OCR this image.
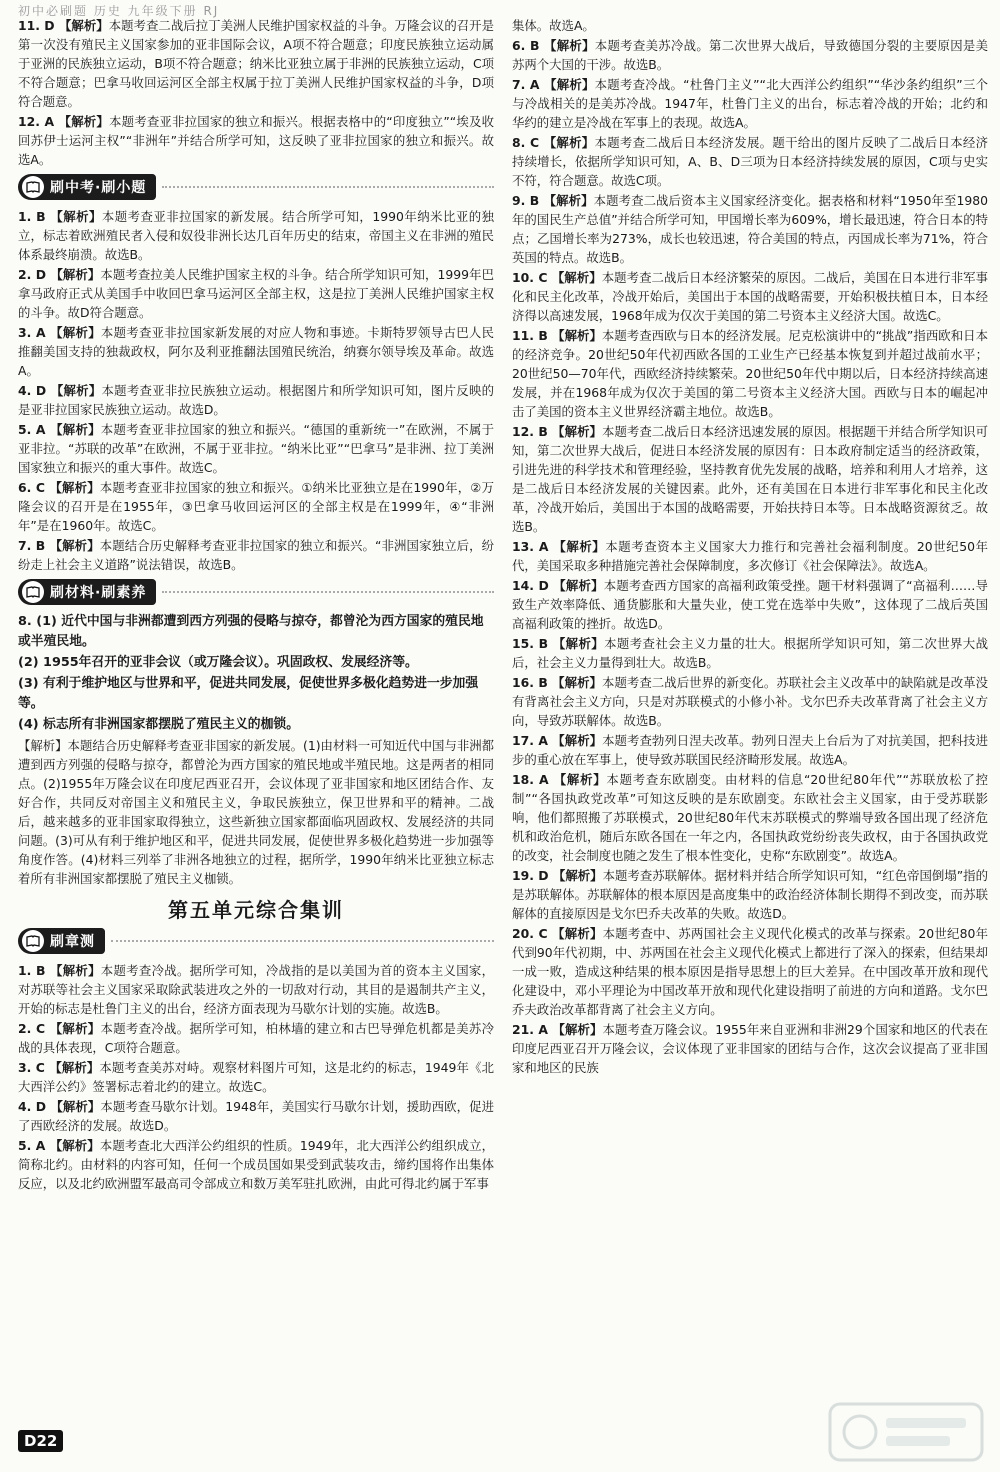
初中必刷题 历史 九年级下册 RJ
11. D 【解析】本题考查二战后拉丁美洲人民维护国家权益的斗争。万隆会议的召开是第一次没有殖民主义国家参加的亚非国际会议，A项不符合题意；印度民族独立运动属于亚洲的民族独立运动，B项不符合题意；纳米比亚独立属于非洲的民族独立运动，C项不符合题意；巴拿马收回运河区全部主权属于拉丁美洲人民维护国家权益的斗争，D项符合题意。
12. A 【解析】本题考查亚非拉国家的独立和振兴。根据表格中的“印度独立”“埃及收回苏伊士运河主权”“非洲年”并结合所学可知，这反映了亚非拉国家的独立和振兴。故选A。
刷中考·刷小题
1. B 【解析】本题考查亚非拉国家的新发展。结合所学可知，1990年纳米比亚的独立，标志着欧洲殖民者入侵和奴役非洲长达几百年历史的结束，帝国主义在非洲的殖民体系最终崩溃。故选B。
2. D 【解析】本题考查拉美人民维护国家主权的斗争。结合所学知识可知，1999年巴拿马政府正式从美国手中收回巴拿马运河区全部主权，这是拉丁美洲人民维护国家主权的斗争。故D符合题意。
3. A 【解析】本题考查亚非拉国家新发展的对应人物和事迹。卡斯特罗领导古巴人民推翻美国支持的独裁政权，阿尔及利亚推翻法国殖民统治，纳赛尔领导埃及革命。故选A。
4. D 【解析】本题考查亚非拉民族独立运动。根据图片和所学知识可知，图片反映的是亚非拉国家民族独立运动。故选D。
5. A 【解析】本题考查亚非拉国家的独立和振兴。“德国的重新统一”在欧洲，不属于亚非拉。“苏联的改革”在欧洲，不属于亚非拉。“纳米比亚”“巴拿马”是非洲、拉丁美洲国家独立和振兴的重大事件。故选C。
6. C 【解析】本题考查亚非拉国家的独立和振兴。①纳米比亚独立是在1990年，②万隆会议的召开是在1955年，③巴拿马收回运河区的全部主权是在1999年，④“非洲年”是在1960年。故选C。
7. B 【解析】本题结合历史解释考查亚非拉国家的独立和振兴。“非洲国家独立后，纷纷走上社会主义道路”说法错误，故选B。
刷材料·刷素养
8. (1) 近代中国与非洲都遭到西方列强的侵略与掠夺，都曾沦为西方国家的殖民地或半殖民地。
(2) 1955年召开的亚非会议（或万隆会议）。巩固政权、发展经济等。
(3) 有利于维护地区与世界和平，促进共同发展，促使世界多极化趋势进一步加强等。
(4) 标志所有非洲国家都摆脱了殖民主义的枷锁。
【解析】本题结合历史解释考查亚非国家的新发展。(1)由材料一可知近代中国与非洲都遭到西方列强的侵略与掠夺，都曾沦为西方国家的殖民地或半殖民地。这是两者的相同点。(2)1955年万隆会议在印度尼西亚召开，会议体现了亚非国家和地区团结合作、友好合作，共同反对帝国主义和殖民主义，争取民族独立，保卫世界和平的精神。二战后，越来越多的亚非国家取得独立，这些新独立国家都面临巩固政权、发展经济的共同问题。(3)可从有利于维护地区和平，促进共同发展，促使世界多极化趋势进一步加强等角度作答。(4)材料三列举了非洲各地独立的过程，据所学，1990年纳米比亚独立标志着所有非洲国家都摆脱了殖民主义枷锁。
第五单元综合集训
刷章测
1. B 【解析】本题考查冷战。据所学可知，冷战指的是以美国为首的资本主义国家，对苏联等社会主义国家采取除武装进攻之外的一切敌对行动，其目的是遏制共产主义，开始的标志是杜鲁门主义的出台，经济方面表现为马歇尔计划的实施。故选B。
2. C 【解析】本题考查冷战。据所学可知，柏林墙的建立和古巴导弹危机都是美苏冷战的具体表现，C项符合题意。
3. C 【解析】本题考查美苏对峙。观察材料图片可知，这是北约的标志，1949年《北大西洋公约》签署标志着北约的建立。故选C。
4. D 【解析】本题考查马歇尔计划。1948年，美国实行马歇尔计划，援助西欧，促进了西欧经济的发展。故选D。
5. A 【解析】本题考查北大西洋公约组织的性质。1949年，北大西洋公约组织成立，简称北约。由材料的内容可知，任何一个成员国如果受到武装攻击，缔约国将作出集体反应，以及北约欧洲盟军最高司令部成立和数万美军驻扎欧洲，由此可得北约属于军事
集体。故选A。
6. B 【解析】本题考查美苏冷战。第二次世界大战后，导致德国分裂的主要原因是美苏两个大国的干涉。故选B。
7. A 【解析】本题考查冷战。“杜鲁门主义”“北大西洋公约组织”“华沙条约组织”三个与冷战相关的是美苏冷战。1947年，杜鲁门主义的出台，标志着冷战的开始；北约和华约的建立是冷战在军事上的表现。故选A。
8. C 【解析】本题考查二战后日本经济发展。题干给出的图片反映了二战后日本经济持续增长，依据所学知识可知，A、B、D三项为日本经济持续发展的原因，C项与史实不符，符合题意。故选C项。
9. B 【解析】本题考查二战后资本主义国家经济变化。据表格和材料“1950年至1980年的国民生产总值”并结合所学可知，甲国增长率为609%，增长最迅速，符合日本的特点；乙国增长率为273%，成长也较迅速，符合美国的特点，丙国成长率为71%，符合英国的特点。故选B。
10. C 【解析】本题考查二战后日本经济繁荣的原因。二战后，美国在日本进行非军事化和民主化改革，冷战开始后，美国出于本国的战略需要，开始积极扶植日本，日本经济得以高速发展，1968年成为仅次于美国的第二号资本主义经济大国。故选C。
11. B 【解析】本题考查西欧与日本的经济发展。尼克松演讲中的“挑战”指西欧和日本的经济竞争。20世纪50年代初西欧各国的工业生产已经基本恢复到并超过战前水平；20世纪50—70年代，西欧经济持续繁荣。20世纪50年代中期以后，日本经济持续高速发展，并在1968年成为仅次于美国的第二号资本主义经济大国。西欧与日本的崛起冲击了美国的资本主义世界经济霸主地位。故选B。
12. B 【解析】本题考查二战后日本经济迅速发展的原因。根据题干并结合所学知识可知，第二次世界大战后，促进日本经济发展的原因有：日本政府制定适当的经济政策，引进先进的科学技术和管理经验，坚持教育优先发展的战略，培养和利用人才培养，这是二战后日本经济发展的关键因素。此外，还有美国在日本进行非军事化和民主化改革，冷战开始后，美国出于本国的战略需要，开始扶持日本等。日本战略资源贫乏。故选B。
13. A 【解析】本题考查资本主义国家大力推行和完善社会福利制度。20世纪50年代，美国采取多种措施完善社会保障制度，多次修订《社会保障法》。故选A。
14. D 【解析】本题考查西方国家的高福利政策受挫。题干材料强调了“高福利……导致生产效率降低、通货膨胀和大量失业，使工党在选举中失败”，这体现了二战后英国高福利政策的挫折。故选D。
15. B 【解析】本题考查社会主义力量的壮大。根据所学知识可知，第二次世界大战后，社会主义力量得到壮大。故选B。
16. B 【解析】本题考查二战后世界的新变化。苏联社会主义改革中的缺陷就是改革没有背离社会主义方向，只是对苏联模式的小修小补。戈尔巴乔夫改革背离了社会主义方向，导致苏联解体。故选B。
17. A 【解析】本题考查勃列日涅夫改革。勃列日涅夫上台后为了对抗美国，把科技进步的重心放在军事上，使导致苏联国民经济畸形发展。故选A。
18. A 【解析】本题考查东欧剧变。由材料的信息“20世纪80年代”“苏联放松了控制”“各国执政党改革”可知这反映的是东欧剧变。东欧社会主义国家，由于受苏联影响，他们都照搬了苏联模式，20世纪80年代末苏联模式的弊端导致各国出现了经济危机和政治危机，随后东欧各国在一年之内，各国执政党纷纷丧失政权，由于各国执政党的改变，社会制度也随之发生了根本性变化，史称“东欧剧变”。故选A。
19. D 【解析】本题考查苏联解体。据材料并结合所学知识可知，“红色帝国倒塌”指的是苏联解体。苏联解体的根本原因是高度集中的政治经济体制长期得不到改变，而苏联解体的直接原因是戈尔巴乔夫改革的失败。故选D。
20. C 【解析】本题考查中、苏两国社会主义现代化模式的改革与探索。20世纪80年代到90年代初期，中、苏两国在社会主义现代化模式上都进行了深入的探索，但结果却一成一败，造成这种结果的根本原因是指导思想上的巨大差异。在中国改革开放和现代化建设中，邓小平理论为中国改革开放和现代化建设指明了前进的方向和道路。戈尔巴乔夫政治改革都背离了社会主义方向。
21. A 【解析】本题考查万隆会议。1955年来自亚洲和非洲29个国家和地区的代表在印度尼西亚召开万隆会议，会议体现了亚非国家的团结与合作，这次会议提高了亚非国家和地区的民族
D22
